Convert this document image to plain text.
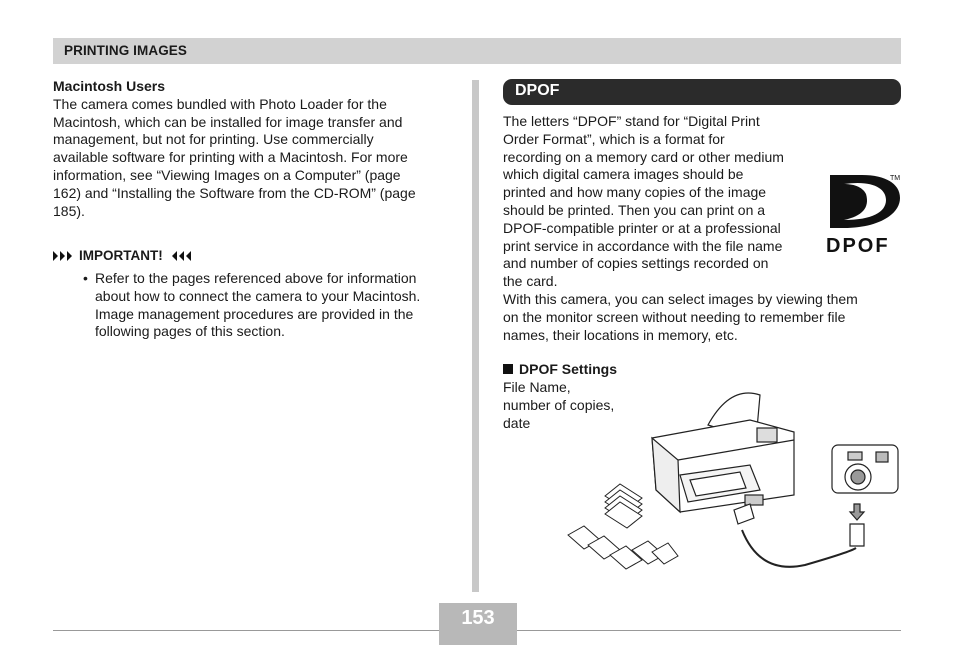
PRINTING IMAGES
Macintosh Users
The camera comes bundled with Photo Loader for the
Macintosh, which can be installed for image transfer and
management, but not for printing. Use commercially
available software for printing with a Macintosh. For more
information, see “Viewing Images on a Computer” (page
162) and “Installing the Software from the CD-ROM” (page
185).
IMPORTANT!
• Refer to the pages referenced above for information
about how to connect the camera to your Macintosh.
Image management procedures are provided in the
following pages of this section.
DPOF
The letters “DPOF” stand for “Digital Print
Order Format”, which is a format for
recording on a memory card or other medium
which digital camera images should be
printed and how many copies of the image
should be printed. Then you can print on a
DPOF-compatible printer or at a professional
print service in accordance with the file name
and number of copies settings recorded on
the card.
TM
DPOF
With this camera, you can select images by viewing them
on the monitor screen without needing to remember file
names, their locations in memory, etc.
DPOF Settings
File Name,
number of copies,
date
153
